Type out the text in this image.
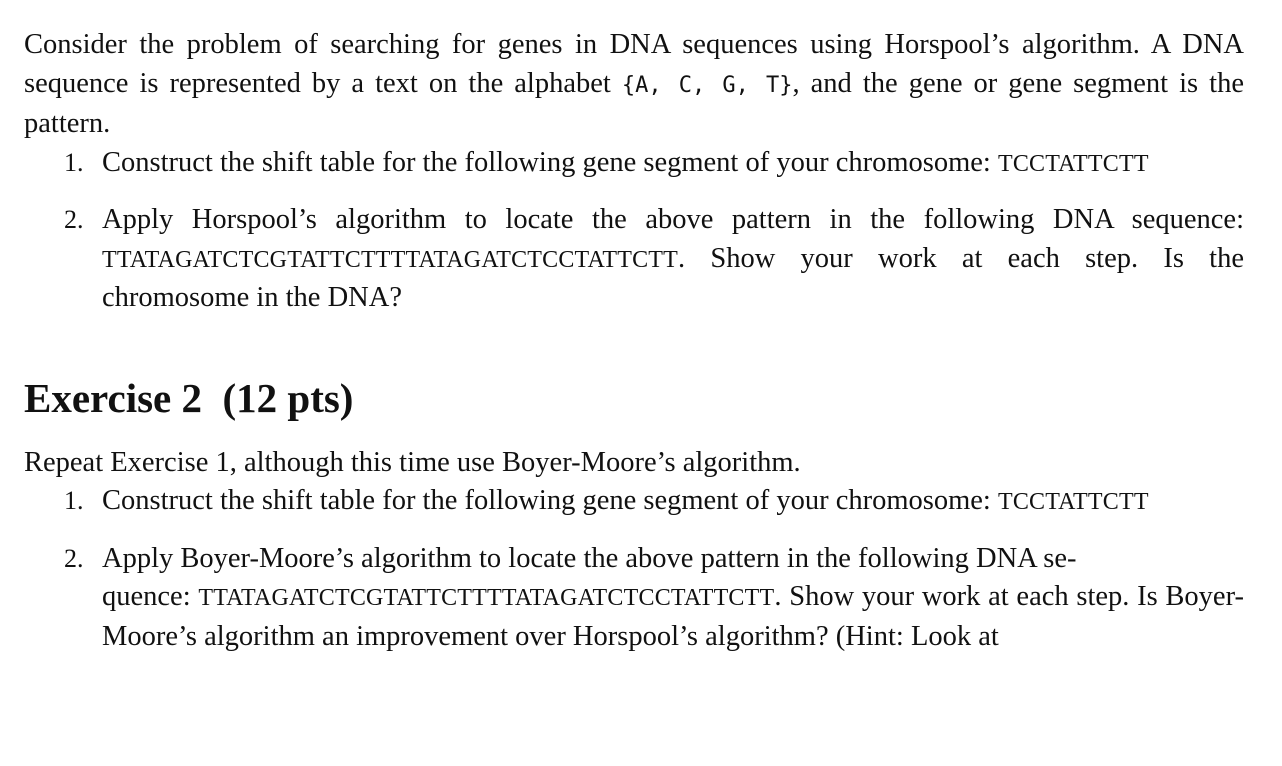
Consider the problem of searching for genes in DNA sequences using Horspool’s algorithm. A DNA sequence is represented by a text on the alphabet {A, C, G, T}, and the gene or gene segment is the pattern.

1. Construct the shift table for the following gene segment of your chromosome: TCCTATTCTT
2. Apply Horspool’s algorithm to locate the above pattern in the following DNA sequence: TTATAGATCTCGTATTCTTTTATAGATCTCCTATTCTT. Show your work at each step. Is the chromosome in the DNA?
Exercise 2  (12 pts)

Repeat Exercise 1, although this time use Boyer-Moore’s algorithm.

1. Construct the shift table for the following gene segment of your chromosome: TCCTATTCTT
2. Apply Boyer-Moore’s algorithm to locate the above pattern in the following DNA se-
quence: TTATAGATCTCGTATTCTTTTATAGATCTCCTATTCTT. Show your work at each step. Is Boyer-Moore’s algorithm an improvement over Horspool’s algorithm? (Hint: Look at
